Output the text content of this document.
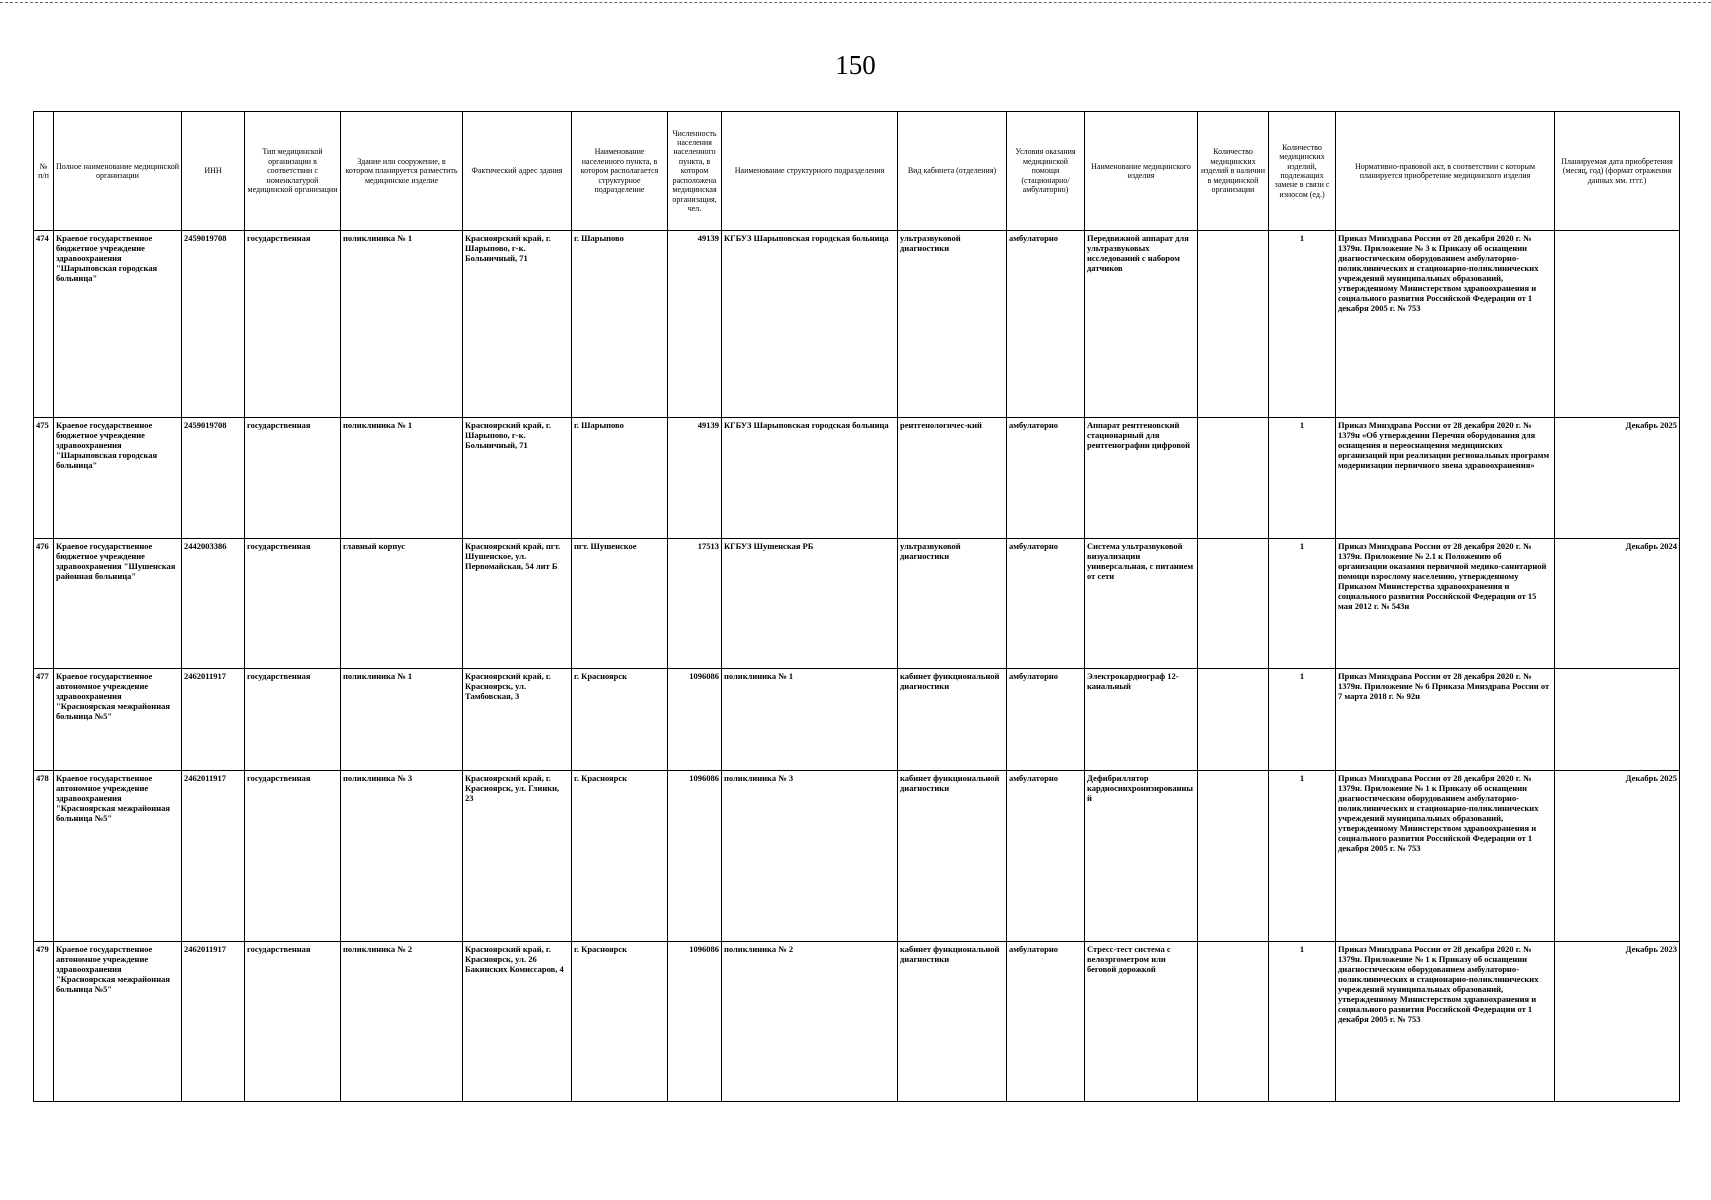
150
№ п/п	Полное наименование медицинской организации	ИНН	Тип медицинской организации в соответствии с номенклатурой медицинской организации	Здание или сооружение, в котором планируется разместить медицинское изделие	Фактический адрес здания	Наименование населенного пункта, в котором располагается структурное подразделение	Численность населения населенного пункта, в котором расположена медицинская организация, чел.	Наименование структурного подразделения	Вид кабинета (отделения)	Условия оказания медицинской помощи (стационарно/ амбулаторно)	Наименование медицинского изделия	Количество медицинских изделий в наличии в медицинской организации	Количество медицинских изделий, подлежащих замене в связи с износом (ед.)	Нормативно-правовой акт, в соответствии с которым планируется приобретение медицинского изделия	Планируемая дата приобретения (месяц, год) (формат отражения данных мм. гггг.)
474	Краевое государственное бюджетное учреждение здравоохранения "Шарыповская городская больница"	2459019708	государственная	поликлиника № 1	Красноярский край, г. Шарыпово, г-к. Больничный, 71	г. Шарыпово	49139	КГБУЗ Шарыповская городская больница	ультразвуковой диагностики	амбулаторно	Передвижной аппарат для ультразвуковых исследований с набором датчиков		1	Приказ Минздрава России от 28 декабря 2020 г. № 1379н. Приложение № 3 к Приказу об оснащении диагностическим оборудованием амбулаторно-поликлинических и стационарно-поликлинических учреждений муниципальных образований, утвержденному Министерством здравоохранения и социального развития Российской Федерации от 1 декабря 2005 г. № 753	
475	Краевое государственное бюджетное учреждение здравоохранения "Шарыповская городская больница"	2459019708	государственная	поликлиника № 1	Красноярский край, г. Шарыпово, г-к. Больничный, 71	г. Шарыпово	49139	КГБУЗ Шарыповская городская больница	рентгенологичес-кий	амбулаторно	Аппарат рентгеновский стационарный для рентгенографии цифровой		1	Приказ Минздрава России от 28 декабря 2020 г. № 1379н «Об утверждении Перечня оборудования для оснащения и переоснащения медицинских организаций при реализации региональных программ модернизации первичного звена здравоохранения»	Декабрь 2025
476	Краевое государственное бюджетное учреждение здравоохранения "Шушенская районная больница"	2442003386	государственная	главный корпус	Красноярский край, пгт. Шушенское, ул. Первомайская, 54 лит Б	пгт. Шушенское	17513	КГБУЗ Шушенская РБ	ультразвуковой диагностики	амбулаторно	Система ультразвуковой визуализации универсальная, с питанием от сети		1	Приказ Минздрава России от 28 декабря 2020 г. № 1379н. Приложение № 2.1 к Положению об организации оказания первичной медико-санитарной помощи взрослому населению, утвержденному Приказом Министерства здравоохранения и социального развития Российской Федерации от 15 мая 2012 г. № 543н	Декабрь 2024
477	Краевое государственное автономное учреждение здравоохранения "Красноярская межрайонная больница №5"	2462011917	государственная	поликлиника № 1	Красноярский край, г. Красноярск, ул. Тамбовская, 3	г. Красноярск	1096086	поликлиника № 1	кабинет функциональной диагностики	амбулаторно	Электрокардиограф 12-канальный		1	Приказ Минздрава России от 28 декабря 2020 г. № 1379н. Приложение № 6 Приказа Минздрава России от 7 марта 2018 г. № 92н	
478	Краевое государственное автономное учреждение здравоохранения "Красноярская межрайонная больница №5"	2462011917	государственная	поликлиника № 3	Красноярский край, г. Красноярск, ул. Глинки, 23	г. Красноярск	1096086	поликлиника № 3	кабинет функциональной диагностики	амбулаторно	Дефибриллятор кардиосинхронизированный		1	Приказ Минздрава России от 28 декабря 2020 г. № 1379н. Приложение № 1 к Приказу об оснащении диагностическим оборудованием амбулаторно-поликлинических и стационарно-поликлинических учреждений муниципальных образований, утвержденному Министерством здравоохранения и социального развития Российской Федерации от 1 декабря 2005 г. № 753	Декабрь 2025
479	Краевое государственное автономное учреждение здравоохранения "Красноярская межрайонная больница №5"	2462011917	государственная	поликлиника № 2	Красноярский край, г. Красноярск, ул. 26 Бакинских Комиссаров, 4	г. Красноярск	1096086	поликлиника № 2	кабинет функциональной диагностики	амбулаторно	Стресс-тест система с велоэргометром или беговой дорожкой		1	Приказ Минздрава России от 28 декабря 2020 г. № 1379н. Приложение № 1 к Приказу об оснащении диагностическим оборудованием амбулаторно-поликлинических и стационарно-поликлинических учреждений муниципальных образований, утвержденному Министерством здравоохранения и социального развития Российской Федерации от 1 декабря 2005 г. № 753	Декабрь 2023
